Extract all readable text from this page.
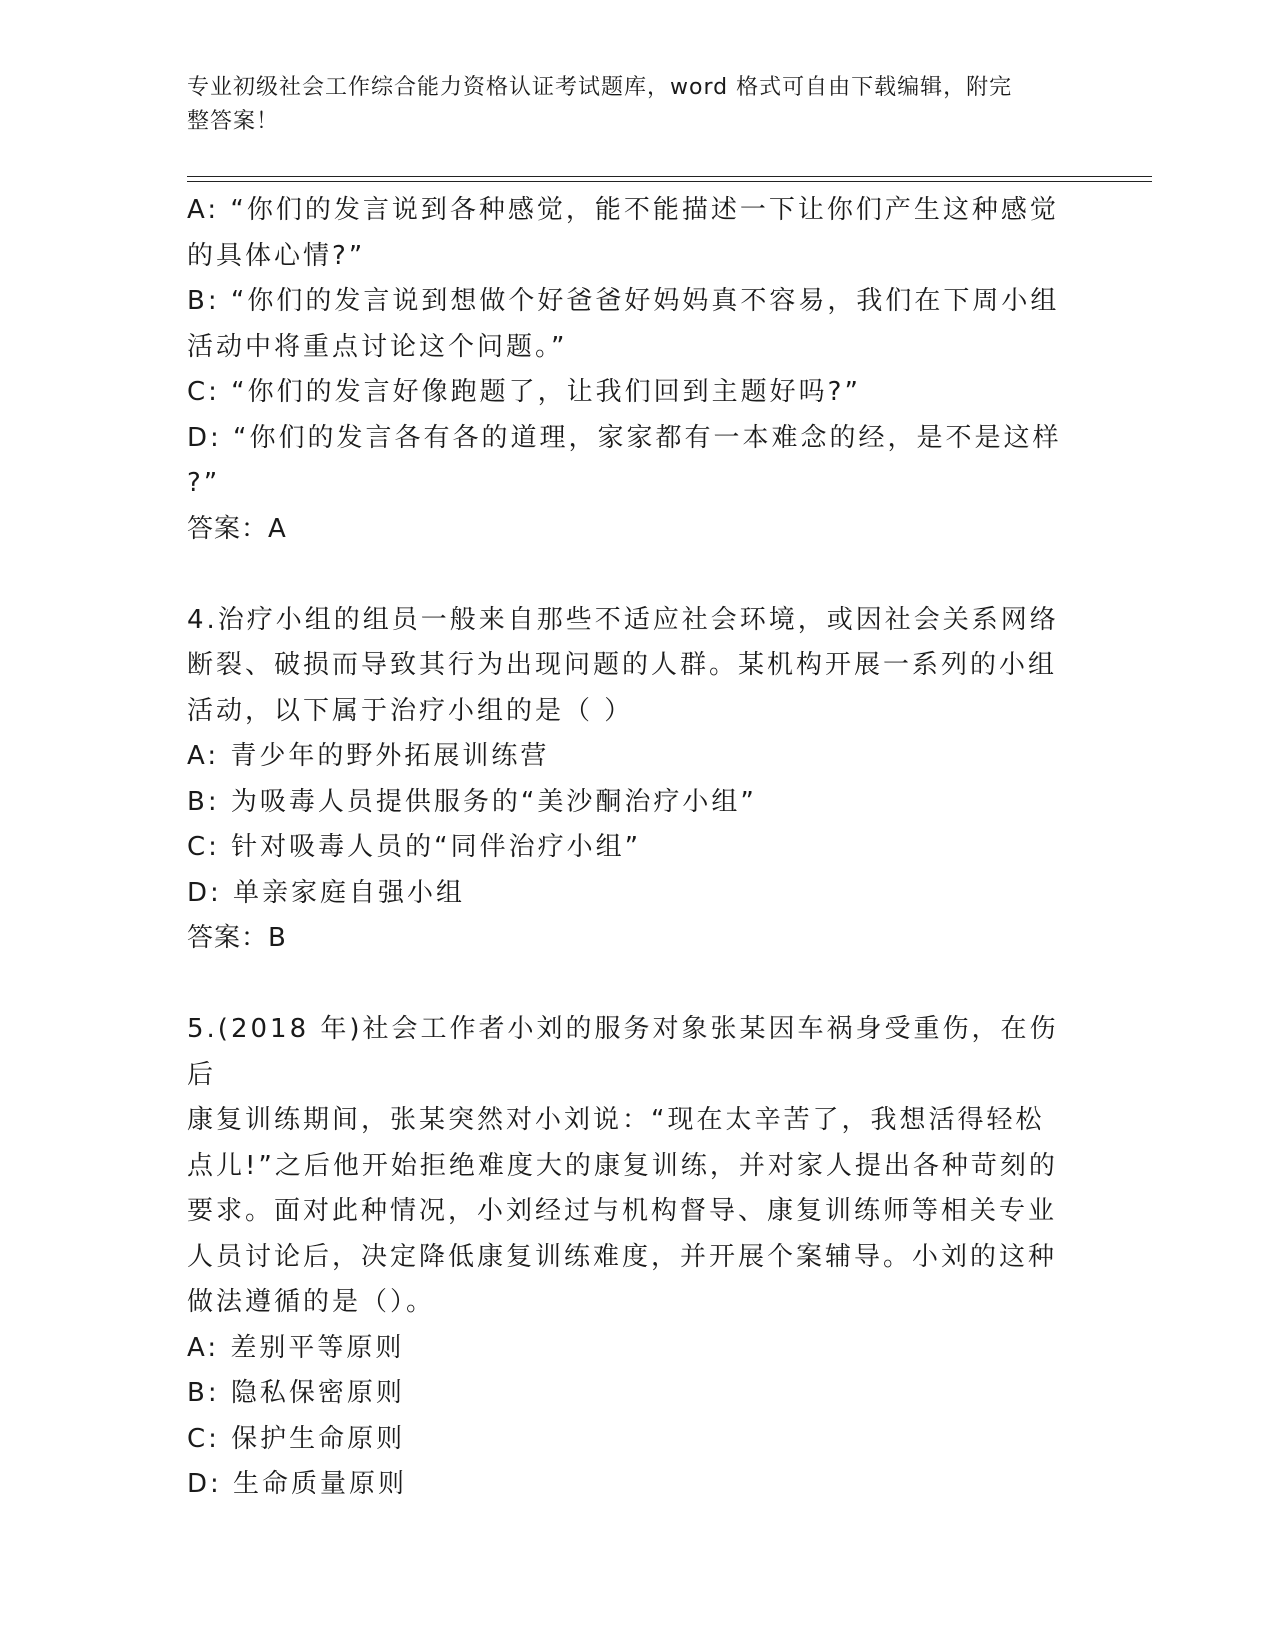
专业初级社会工作综合能力资格认证考试题库，word 格式可自由下载编辑，附完
整答案！
A: “你们的发言说到各种感觉，能不能描述一下让你们产生这种感觉
的具体心情?”
B: “你们的发言说到想做个好爸爸好妈妈真不容易，我们在下周小组
活动中将重点讨论这个问题。”
C: “你们的发言好像跑题了，让我们回到主题好吗?”
D: “你们的发言各有各的道理，家家都有一本难念的经，是不是这样
?”
答案：A
4.治疗小组的组员一般来自那些不适应社会环境，或因社会关系网络
断裂、破损而导致其行为出现问题的人群。某机构开展一系列的小组
活动，以下属于治疗小组的是（ ）
A: 青少年的野外拓展训练营
B: 为吸毒人员提供服务的“美沙酮治疗小组”
C: 针对吸毒人员的“同伴治疗小组”
D: 单亲家庭自强小组
答案：B
5.(2018 年)社会工作者小刘的服务对象张某因车祸身受重伤，在伤后
康复训练期间，张某突然对小刘说：“现在太辛苦了，我想活得轻松
点儿!”之后他开始拒绝难度大的康复训练，并对家人提出各种苛刻的
要求。面对此种情况，小刘经过与机构督导、康复训练师等相关专业
人员讨论后，决定降低康复训练难度，并开展个案辅导。小刘的这种
做法遵循的是（）。
A: 差别平等原则
B: 隐私保密原则
C: 保护生命原则
D: 生命质量原则
